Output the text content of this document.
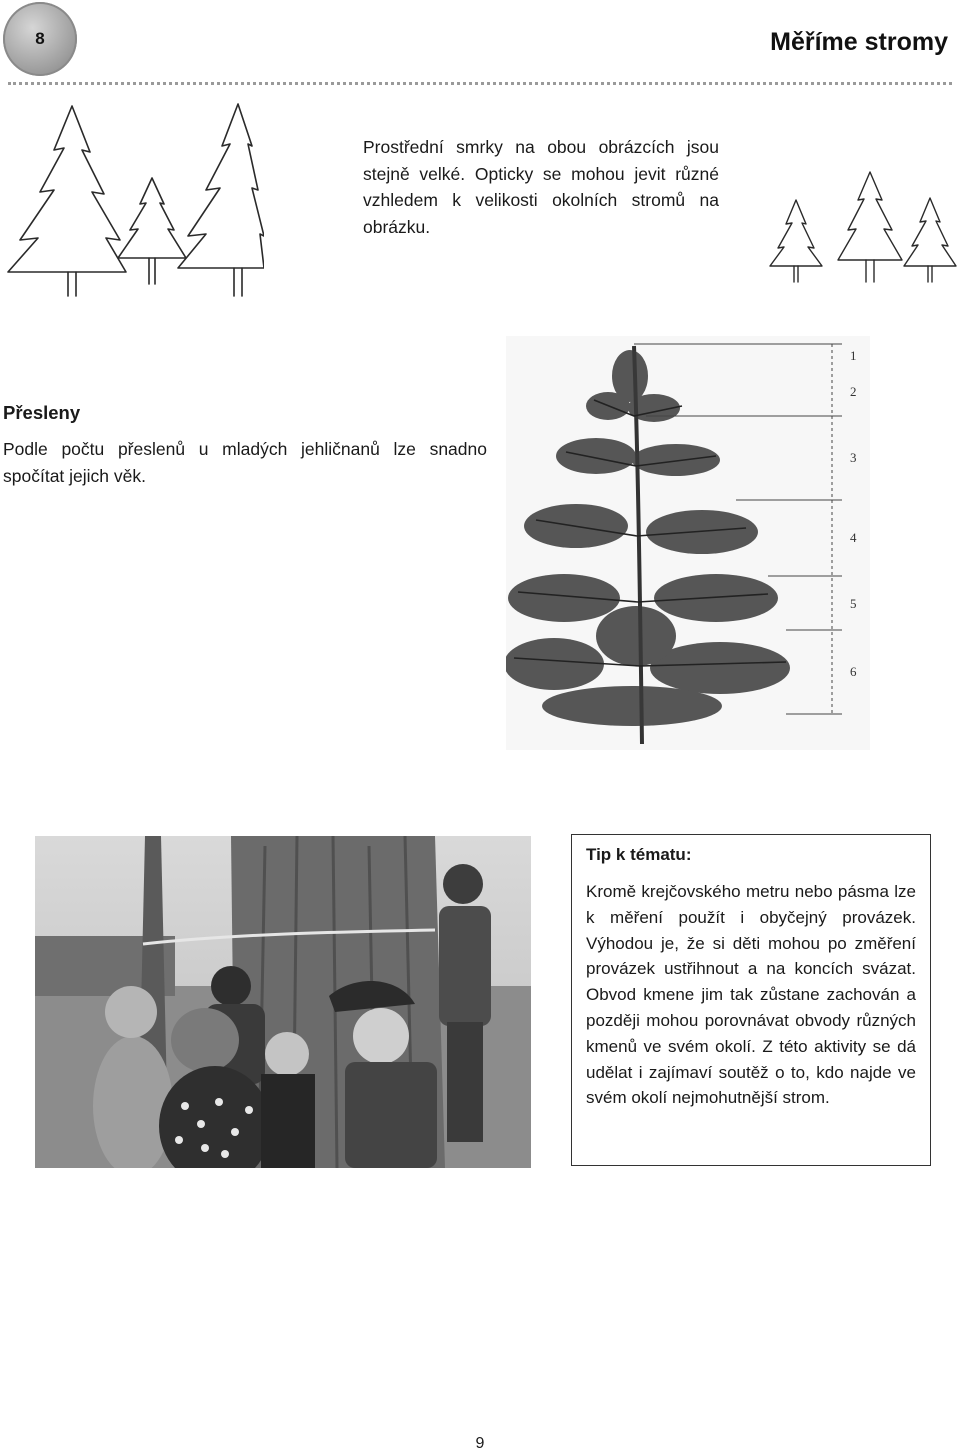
8	Měříme stromy
Prostřední smrky na obou obrázcích jsou stejně velké. Opticky se mohou jevit různé vzhledem k velikosti okolních stromů na obrázku.
Přesleny
Podle počtu přeslenů u mladých jehličnanů lze snadno spočítat jejich věk.
1
2
3
4
5
6
Tip k tématu:
Kromě krejčovského metru nebo pásma lze k měření použít i obyčejný provázek. Výhodou je, že si děti mohou po změření provázek ustřihnout a na koncích svázat. Obvod kmene jim tak zůstane zachován a později mohou porovnávat obvody různých kmenů ve svém okolí. Z této aktivity se dá udělat i zajímaví soutěž o to, kdo najde ve svém okolí nejmohutnější strom.
9
